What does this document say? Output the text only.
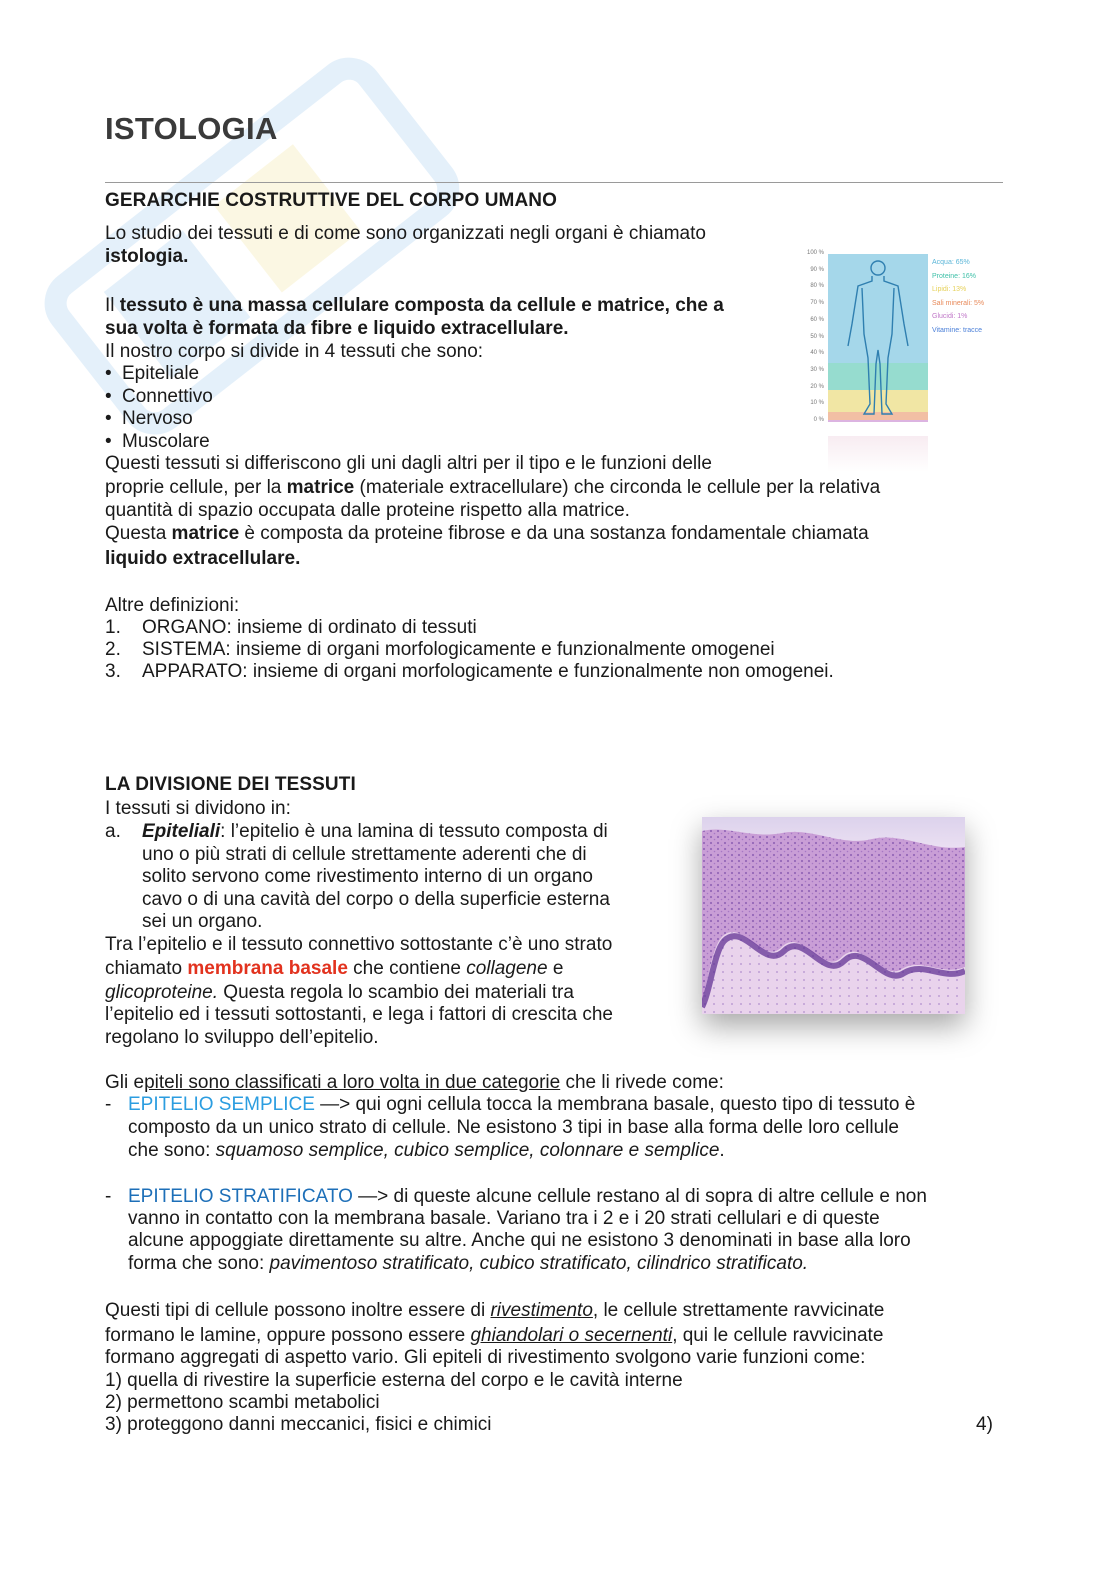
ISTOLOGIA
GERARCHIE COSTRUTTIVE DEL CORPO UMANO
Lo studio dei tessuti e di come sono organizzati negli organi è chiamato
istologia.
Il tessuto è una massa cellulare composta da cellule e matrice, che a
sua volta è formata da fibre e liquido extracellulare.
Il nostro corpo si divide in 4 tessuti che sono:
• Epiteliale
• Connettivo
• Nervoso
• Muscolare
Questi tessuti si differiscono gli uni dagli altri per il tipo e le funzioni delle
proprie cellule, per la matrice (materiale extracellulare) che circonda le cellule per la relativa
quantità di spazio occupata dalle proteine rispetto alla matrice.
Questa matrice è composta da proteine fibrose e da una sostanza fondamentale chiamata
liquido extracellulare.
Altre definizioni:
1. ORGANO: insieme di ordinato di tessuti
2. SISTEMA: insieme di organi morfologicamente e funzionalmente omogenei
3. APPARATO: insieme di organi morfologicamente e funzionalmente non omogenei.
100 %
90 %
80 %
70 %
60 %
50 %
40 %
30 %
20 %
10 %
0 %
Acqua: 65%
Proteine: 16%
Lipidi: 13%
Sali minerali: 5%
Glucidi: 1%
Vitamine: tracce
LA DIVISIONE DEI TESSUTI
I tessuti si dividono in:
a. Epiteliali: l’epitelio è una lamina di tessuto composta di
uno o più strati di cellule strettamente aderenti che di
solito servono come rivestimento interno di un organo
cavo o di una cavità del corpo o della superficie esterna
sei un organo.
Tra l’epitelio e il tessuto connettivo sottostante c’è uno strato
chiamato membrana basale che contiene collagene e
glicoproteine. Questa regola lo scambio dei materiali tra
l’epitelio ed i tessuti sottostanti, e lega i fattori di crescita che
regolano lo sviluppo dell’epitelio.
Gli epiteli sono classificati a loro volta in due categorie che li rivede come:
- EPITELIO SEMPLICE —> qui ogni cellula tocca la membrana basale, questo tipo di tessuto è
composto da un unico strato di cellule. Ne esistono 3 tipi in base alla forma delle loro cellule
che sono: squamoso semplice, cubico semplice, colonnare e semplice.
- EPITELIO STRATIFICATO —> di queste alcune cellule restano al di sopra di altre cellule e non
vanno in contatto con la membrana basale. Variano tra i 2 e i 20 strati cellulari e di queste
alcune appoggiate direttamente su altre. Anche qui ne esistono 3 denominati in base alla loro
forma che sono: pavimentoso stratificato, cubico stratificato, cilindrico stratificato.
Questi tipi di cellule possono inoltre essere di rivestimento, le cellule strettamente ravvicinate
formano le lamine, oppure possono essere ghiandolari o secernenti, qui le cellule ravvicinate
formano aggregati di aspetto vario. Gli epiteli di rivestimento svolgono varie funzioni come:
1) quella di rivestire la superficie esterna del corpo e le cavità interne
2) permettono scambi metabolici
3) proteggono danni meccanici, fisici e chimici	4)
